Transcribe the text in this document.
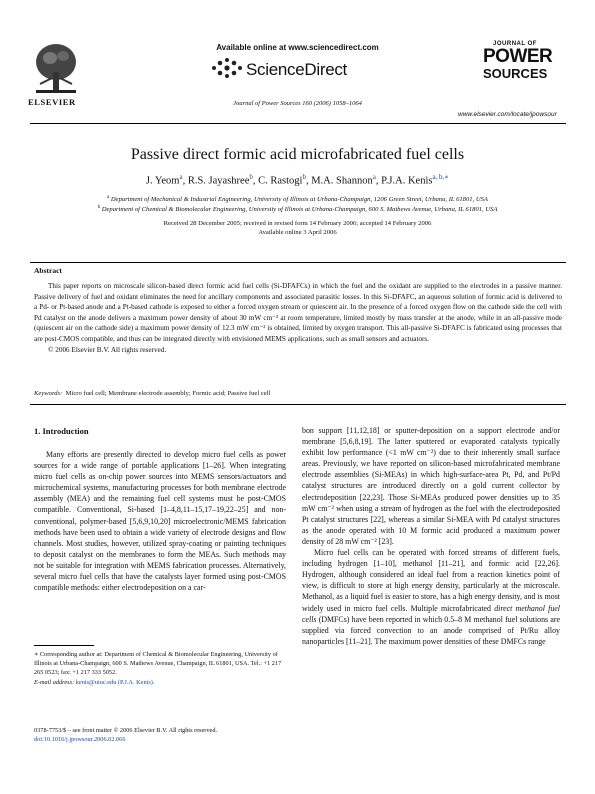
ELSEVIER
Available online at www.sciencedirect.com
ScienceDirect
Journal of Power Sources 160 (2006) 1058–1064
JOURNAL OF
POWER
SOURCES
www.elsevier.com/locate/jpowsour
Passive direct formic acid microfabricated fuel cells
J. Yeom$^a$, R.S. Jayashree$^b$, C. Rastogi$^b$, M.A. Shannon$^a$, P.J.A. Kenis$^{a, b,∗}$
$^a$ Department of Mechanical & Industrial Engineering, University of Illinois at Urbana-Champaign, 1206 Green Street, Urbana, IL 61801, USA
$^b$ Department of Chemical & Biomolecular Engineering, University of Illinois at Urbana-Champaign, 600 S. Mathews Avenue, Urbana, IL 61801, USA
Received 28 December 2005; received in revised form 14 February 2006; accepted 14 February 2006
Available online 3 April 2006
Abstract

This paper reports on microscale silicon-based direct formic acid fuel cells (Si-DFAFCs) in which the fuel and the oxidant are supplied to the electrodes in a passive manner. Passive delivery of fuel and oxidant eliminates the need for ancillary components and associated parasitic losses. In this Si-DFAFC, an aqueous solution of formic acid is delivered to a Pd- or Pt-based anode and a Pt-based cathode is exposed to either a forced oxygen stream or quiescent air. In the presence of a forced oxygen flow on the cathode side the cell with Pd catalyst on the anode delivers a maximum power density of about 30 mW cm⁻² at room temperature, limited mostly by mass transfer at the anode, while in an all-passive mode (quiescent air on the cathode side) a maximum power density of 12.3 mW cm⁻² is obtained, limited by oxygen transport. This all-passive Si-DFAFC is fabricated using processes that are post-CMOS compatible, and thus can be integrated directly with envisioned MEMS applications, such as small sensors and actuators.

© 2006 Elsevier B.V. All rights reserved.

Keywords: Micro fuel cell; Membrane electrode assembly; Formic acid; Passive fuel cell
1. Introduction

Many efforts are presently directed to develop micro fuel cells as power sources for a wide range of portable applications [1–26]. When integrating micro fuel cells as on-chip power sources into MEMS sensors/actuators and microchemical systems, manufacturing processes for both membrane electrode assembly (MEA) and the remaining fuel cell systems must be post-CMOS compatible. Conventional, Si-based [1–4,8,11–15,17–19,22–25] and non-conventional, polymer-based [5,6,9,10,20] microelectronic/MEMS fabrication methods have been used to obtain a wide variety of electrode designs and flow channels. Most studies, however, utilized spray-coating or painting techniques to deposit catalyst on the membranes to form the MEAs. Such methods may not be suitable for integration with MEMS fabrication processes. Alternatively, several micro fuel cells that have the catalysts layer formed using post-CMOS compatible methods: either electrodeposition on a car-

bon support [11,12,18] or sputter-deposition on a support electrode and/or membrane [5,6,8,19]. The latter sputtered or evaporated catalysts typically exhibit low performance (<1 mW cm⁻²) due to their inherently small surface areas. Previously, we have reported on silicon-based microfabricated membrane electrode assemblies (Si-MEAs) in which high-surface-area Pt, Pd, and Pt/Pd catalyst structures are introduced directly on a gold current collector by electrodeposition [22,23]. Those Si-MEAs produced power densities up to 35 mW cm⁻² when using a stream of hydrogen as the fuel with the electrodeposited Pt catalyst structures [22], whereas a similar Si-MEA with Pd catalyst structures as the anode operated with 10 M formic acid produced a maximum power density of 28 mW cm⁻² [23].

Micro fuel cells can be operated with forced streams of different fuels, including hydrogen [1–10], methanol [11–21], and formic acid [22,26]. Hydrogen, although considered an ideal fuel from a reaction kinetics point of view, is difficult to store at high energy density, particularly at the microscale. Methanol, as a liquid fuel is easier to store, has a high energy density, and is most widely used in micro fuel cells. Multiple microfabricated direct methanol fuel cells (DMFCs) have been reported in which 0.5–8 M methanol fuel solutions are supplied via forced convection to an anode comprised of Pt/Ru alloy nanoparticles [11–21]. The maximum power densities of these DMFCs range

∗ Corresponding author at: Department of Chemical & Biomolecular Engineering, University of Illinois at Urbana-Champaign, 600 S. Mathews Avenue, Champaign, IL 61801, USA. Tel.: +1 217 265 0523; fax: +1 217 333 5052.

E-mail address: kenis@uiuc.edu (P.J.A. Kenis).

0378-7753/$ – see front matter © 2006 Elsevier B.V. All rights reserved.
doi:10.1016/j.jpowsour.2006.02.066
